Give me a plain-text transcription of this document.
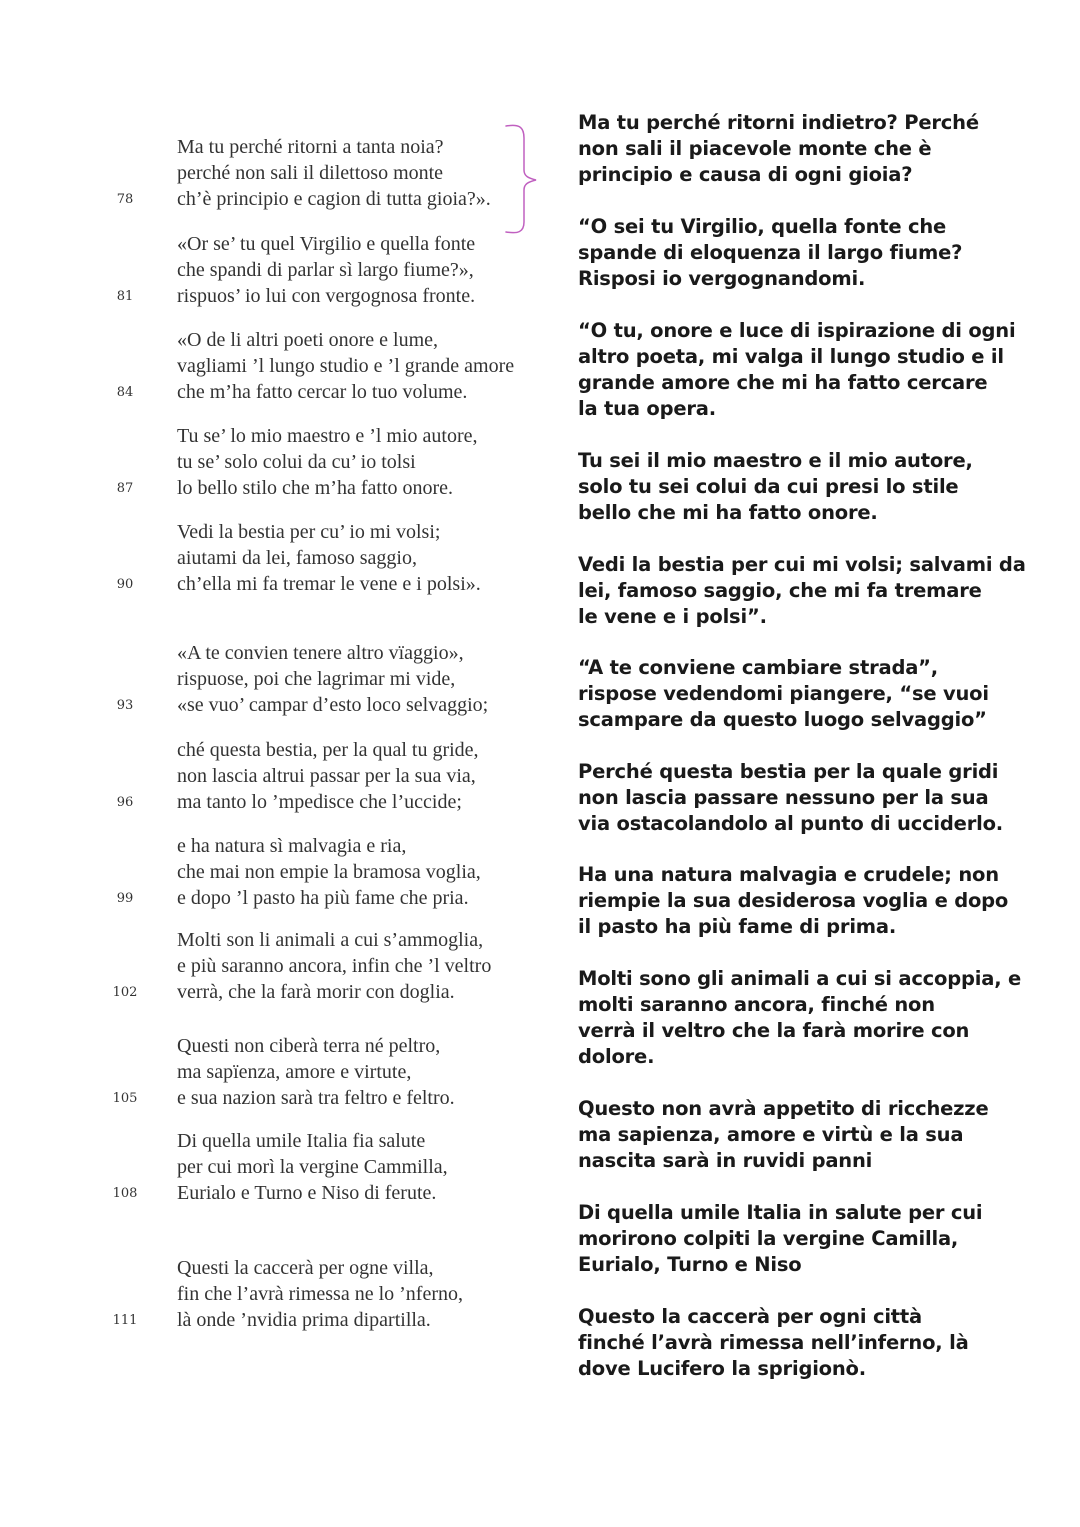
Ma tu perché ritorni a tanta noia?
perché non sali il dilettoso monte
ch’è principio e cagion di tutta gioia?».
78
«Or se’ tu quel Virgilio e quella fonte
che spandi di parlar sì largo fiume?»,
rispuos’ io lui con vergognosa fronte.
81
«O de li altri poeti onore e lume,
vagliami ’l lungo studio e ’l grande amore
che m’ha fatto cercar lo tuo volume.
84
Tu se’ lo mio maestro e ’l mio autore,
tu se’ solo colui da cu’ io tolsi
lo bello stilo che m’ha fatto onore.
87
Vedi la bestia per cu’ io mi volsi;
aiutami da lei, famoso saggio,
ch’ella mi fa tremar le vene e i polsi».
90
«A te convien tenere altro vïaggio»,
rispuose, poi che lagrimar mi vide,
«se vuo’ campar d’esto loco selvaggio;
93
ché questa bestia, per la qual tu gride,
non lascia altrui passar per la sua via,
ma tanto lo ’mpedisce che l’uccide;
96
e ha natura sì malvagia e ria,
che mai non empie la bramosa voglia,
e dopo ’l pasto ha più fame che pria.
99
Molti son li animali a cui s’ammoglia,
e più saranno ancora, infin che ’l veltro
verrà, che la farà morir con doglia.
102
Questi non ciberà terra né peltro,
ma sapïenza, amore e virtute,
e sua nazion sarà tra feltro e feltro.
105
Di quella umile Italia fia salute
per cui morì la vergine Cammilla,
Eurialo e Turno e Niso di ferute.
108
Questi la caccerà per ogne villa,
fin che l’avrà rimessa ne lo ’nferno,
là onde ’nvidia prima dipartilla.
111
Ma tu perché ritorni indietro? Perché
non sali il piacevole monte che è
principio e causa di ogni gioia?
“O sei tu Virgilio, quella fonte che
spande di eloquenza il largo fiume?
Risposi io vergognandomi.
“O tu, onore e luce di ispirazione di ogni
altro poeta, mi valga il lungo studio e il
grande amore che mi ha fatto cercare
la tua opera.
Tu sei il mio maestro e il mio autore,
solo tu sei colui da cui presi lo stile
bello che mi ha fatto onore.
Vedi la bestia per cui mi volsi; salvami da
lei, famoso saggio, che mi fa tremare
le vene e i polsi”.
“A te conviene cambiare strada”,
rispose vedendomi piangere, “se vuoi
scampare da questo luogo selvaggio”
Perché questa bestia per la quale gridi
non lascia passare nessuno per la sua
via ostacolandolo al punto di ucciderlo.
Ha una natura malvagia e crudele; non
riempie la sua desiderosa voglia e dopo
il pasto ha più fame di prima.
Molti sono gli animali a cui si accoppia, e
molti saranno ancora, finché non
verrà il veltro che la farà morire con
dolore.
Questo non avrà appetito di ricchezze
ma sapienza, amore e virtù e la sua
nascita sarà in ruvidi panni
Di quella umile Italia in salute per cui
morirono colpiti la vergine Camilla,
Eurialo, Turno e Niso
Questo la caccerà per ogni città
finché l’avrà rimessa nell’inferno, là
dove Lucifero la sprigionò.
